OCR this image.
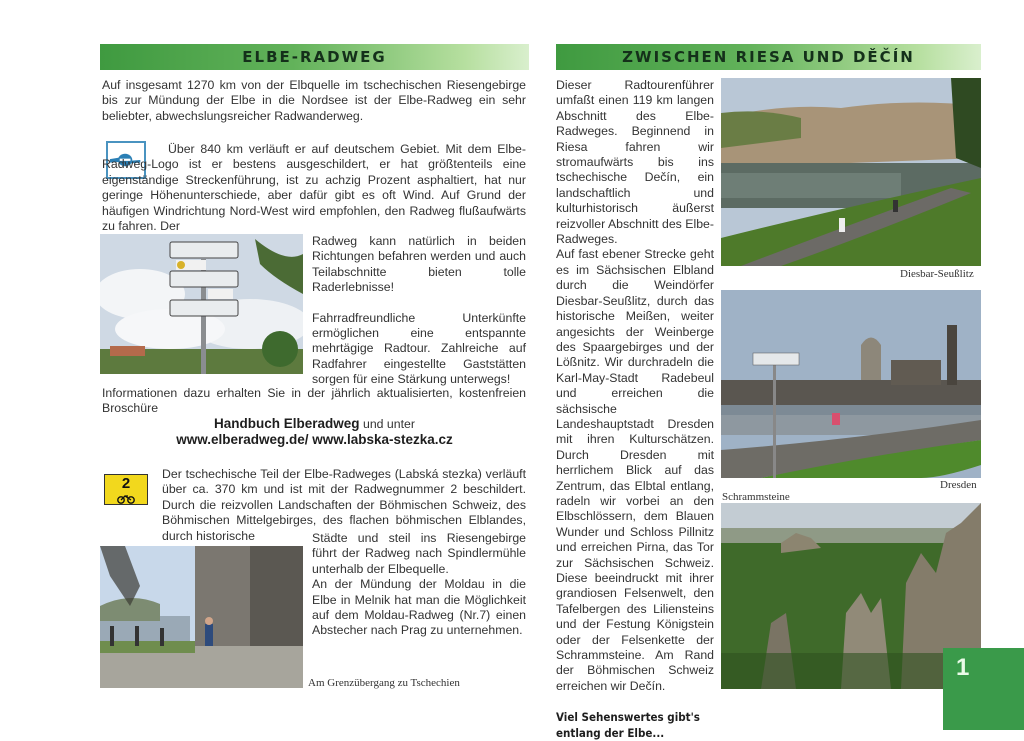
ELBE-RADWEG

Auf insgesamt 1270 km von der Elbquelle im tschechischen Riesengebirge bis zur Mündung der Elbe in die Nordsee ist der Elbe-Radweg ein sehr beliebter, abwechslungsreicher Radwanderweg.

Über 840 km verläuft er auf deutschem Gebiet. Mit dem Elbe-Radweg-Logo ist er bestens ausgeschildert, er hat größtenteils eine eigenständige Streckenführung, ist zu achzig Prozent asphaltiert, hat nur geringe Höhenunterschiede, aber dafür gibt es oft Wind. Auf Grund der häufigen Windrichtung Nord-West wird empfohlen, den Radweg flußaufwärts zu fahren. Der

Radweg kann natürlich in beiden Richtungen befahren werden und auch Teilabschnitte bieten tolle Raderlebnisse!

Fahrradfreundliche Unterkünfte ermöglichen eine entspannte mehrtägige Radtour. Zahlreiche auf Radfahrer eingestellte Gaststätten sorgen für eine Stärkung unterwegs!

Informationen dazu erhalten Sie in der jährlich aktualisierten, kostenfreien Broschüre

Handbuch Elberadweg und unter
www.elberadweg.de/ www.labska-stezka.cz
2

Der tschechische Teil der Elbe-Radweges (Labská stezka) verläuft über ca. 370 km und ist mit der Radwegnummer 2 beschildert. Durch die reizvollen Landschaften der Böhmischen Schweiz, des Böhmischen Mittelgebirges, des flachen böhmischen Elblandes, durch historische	Städte und steil ins Riesengebirge führt der Radweg nach Spindlermühle unterhalb der Elbequelle.

An der Mündung der Moldau in die Elbe in Melnik hat man die Möglichkeit auf dem Moldau-Radweg (Nr.7) einen Abstecher nach Prag zu unternehmen.

Am Grenzübergang zu Tschechien
ZWISCHEN RIESA UND DĚČÍN

Dieser Radtourenführer umfaßt einen 119 km langen Abschnitt des Elbe-Radweges. Beginnend in Riesa fahren wir stromaufwärts bis ins tschechische Dečín, ein landschaftlich und kulturhistorisch äußerst reizvoller Abschnitt des Elbe-Radweges.

Auf fast ebener Strecke geht es im Sächsischen Elbland durch die Weindörfer Diesbar-Seußlitz, durch das historische Meißen, weiter angesichts der Weinberge des Spaargebirges und der Lößnitz. Wir durchradeln die Karl-May-Stadt Radebeul und erreichen die sächsische Landeshauptstadt Dresden mit ihren Kulturschätzen. Durch Dresden mit herrlichem Blick auf das Zentrum, das Elbtal entlang, radeln wir vorbei an den Elbschlössern, dem Blauen Wunder und Schloss Pillnitz und erreichen Pirna, das Tor zur Sächsischen Schweiz. Diese beeindruckt mit ihrer grandiosen Felsenwelt, den Tafelbergen des Liliensteins und der Festung Königstein oder der Felsenkette der Schrammsteine. Am Rand der Böhmischen Schweiz erreichen wir Dečín.

Viel Sehenswertes gibt's entlang der Elbe...

Diesbar-Seußlitz
Dresden
Schrammsteine
1
